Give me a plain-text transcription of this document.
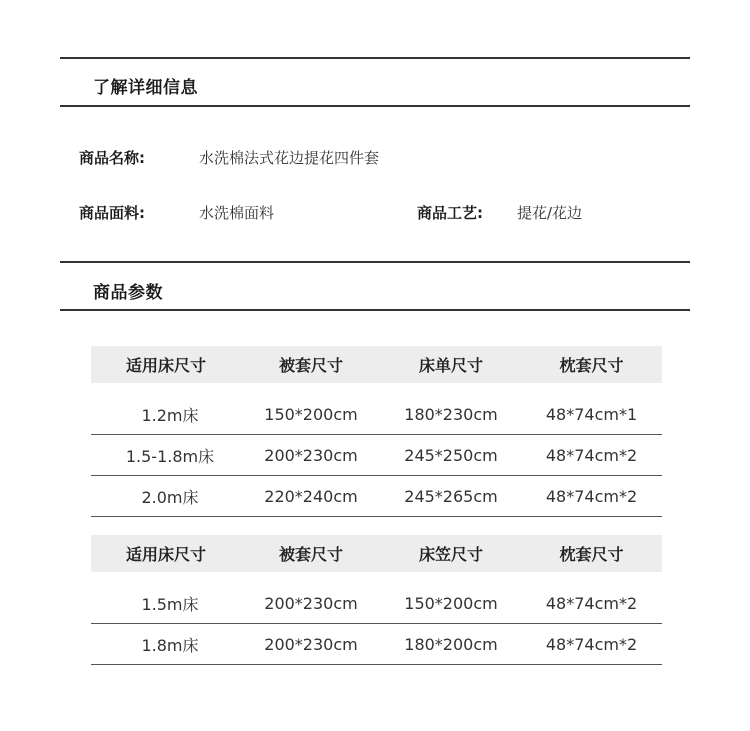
了解详细信息
商品名称:	水洗棉法式花边提花四件套
商品面料:	水洗棉面料	商品工艺: 提花/花边
商品参数
适用床尺寸	被套尺寸	床单尺寸	枕套尺寸

1.2m床	150*200cm	180*230cm	48*74cm*1
1.5-1.8m床	200*230cm	245*250cm	48*74cm*2
2.0m床	220*240cm	245*265cm	48*74cm*2
适用床尺寸	被套尺寸	床笠尺寸	枕套尺寸

1.5m床	200*230cm	150*200cm	48*74cm*2
1.8m床	200*230cm	180*200cm	48*74cm*2
